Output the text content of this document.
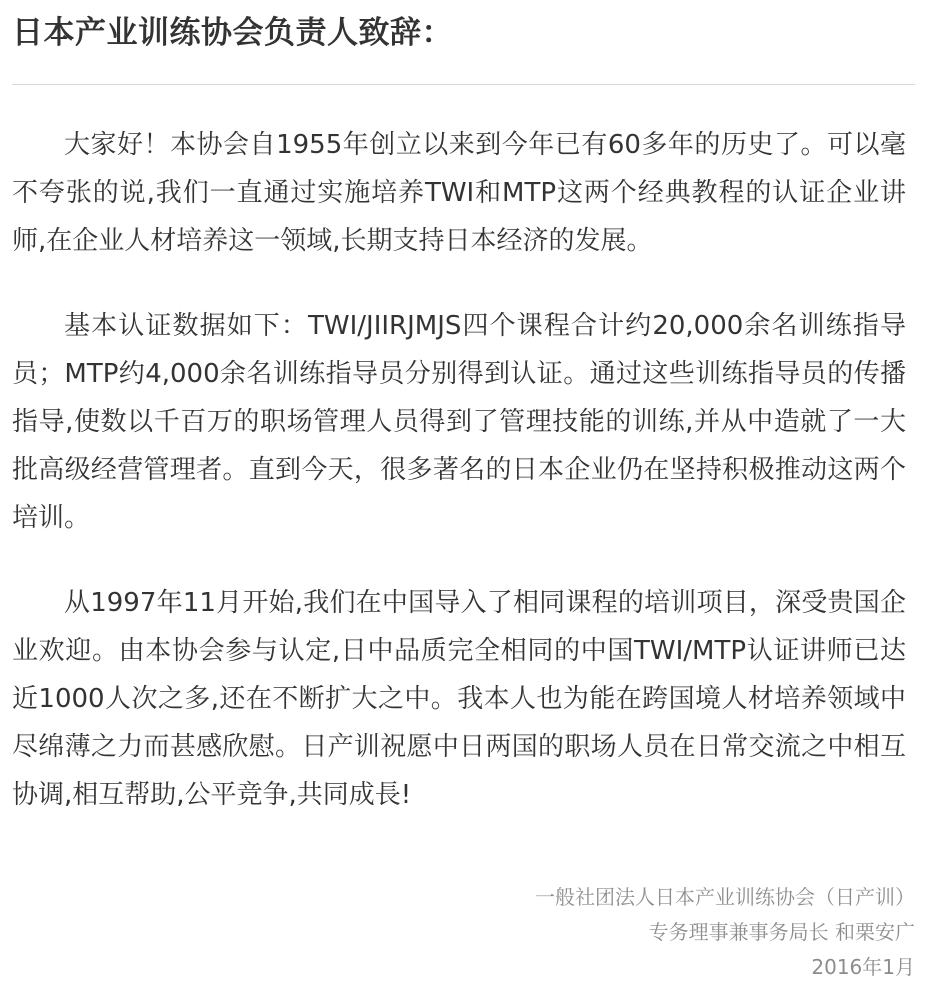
日本产业训练协会负责人致辞：

大家好！本协会自1955年创立以来到今年已有60多年的历史了。可以毫不夸张的说,我们一直通过实施培养TWI和MTP这两个经典教程的认证企业讲师,在企业人材培养这一领域,长期支持日本经济的发展。

基本认证数据如下：TWI/JIIRJMJS四个课程合计约20,000余名训练指导员；MTP约4,000余名训练指导员分别得到认证。通过这些训练指导员的传播指导,使数以千百万的职场管理人员得到了管理技能的训练,并从中造就了一大批高级经营管理者。直到今天，很多著名的日本企业仍在坚持积极推动这两个培训。

从1997年11月开始,我们在中国导入了相同课程的培训项目，深受贵国企业欢迎。由本协会参与认定,日中品质完全相同的中国TWI/MTP认证讲师已达近1000人次之多,还在不断扩大之中。我本人也为能在跨国境人材培养领域中尽绵薄之力而甚感欣慰。日产训祝愿中日两国的职场人员在日常交流之中相互协调,相互帮助,公平竞争,共同成長!

一般社团法人日本产业训练协会（日产训）
专务理事兼事务局长 和栗安广
2016年1月
